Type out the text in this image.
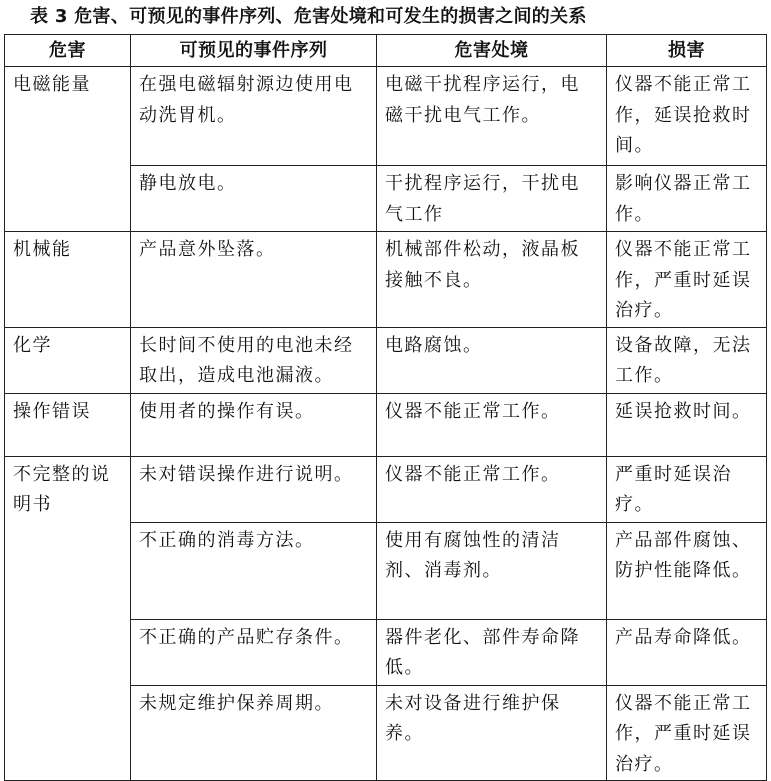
表 3 危害、可预见的事件序列、危害处境和可发生的损害之间的关系
危害	可预见的事件序列	危害处境	损害
电磁能量	在强电磁辐射源边使用电动洗胃机。	电磁干扰程序运行，电磁干扰电气工作。	仪器不能正常工作，延误抢救时间。
	静电放电。	干扰程序运行，干扰电气工作	影响仪器正常工作。
机械能	产品意外坠落。	机械部件松动，液晶板接触不良。	仪器不能正常工作，严重时延误治疗。
化学	长时间不使用的电池未经取出，造成电池漏液。	电路腐蚀。	设备故障，无法工作。
操作错误	使用者的操作有误。	仪器不能正常工作。	延误抢救时间。
不完整的说明书	未对错误操作进行说明。	仪器不能正常工作。	严重时延误治疗。
	不正确的消毒方法。	使用有腐蚀性的清洁剂、消毒剂。	产品部件腐蚀、防护性能降低。
	不正确的产品贮存条件。	器件老化、部件寿命降低。	产品寿命降低。
	未规定维护保养周期。	未对设备进行维护保养。	仪器不能正常工作，严重时延误治疗。
